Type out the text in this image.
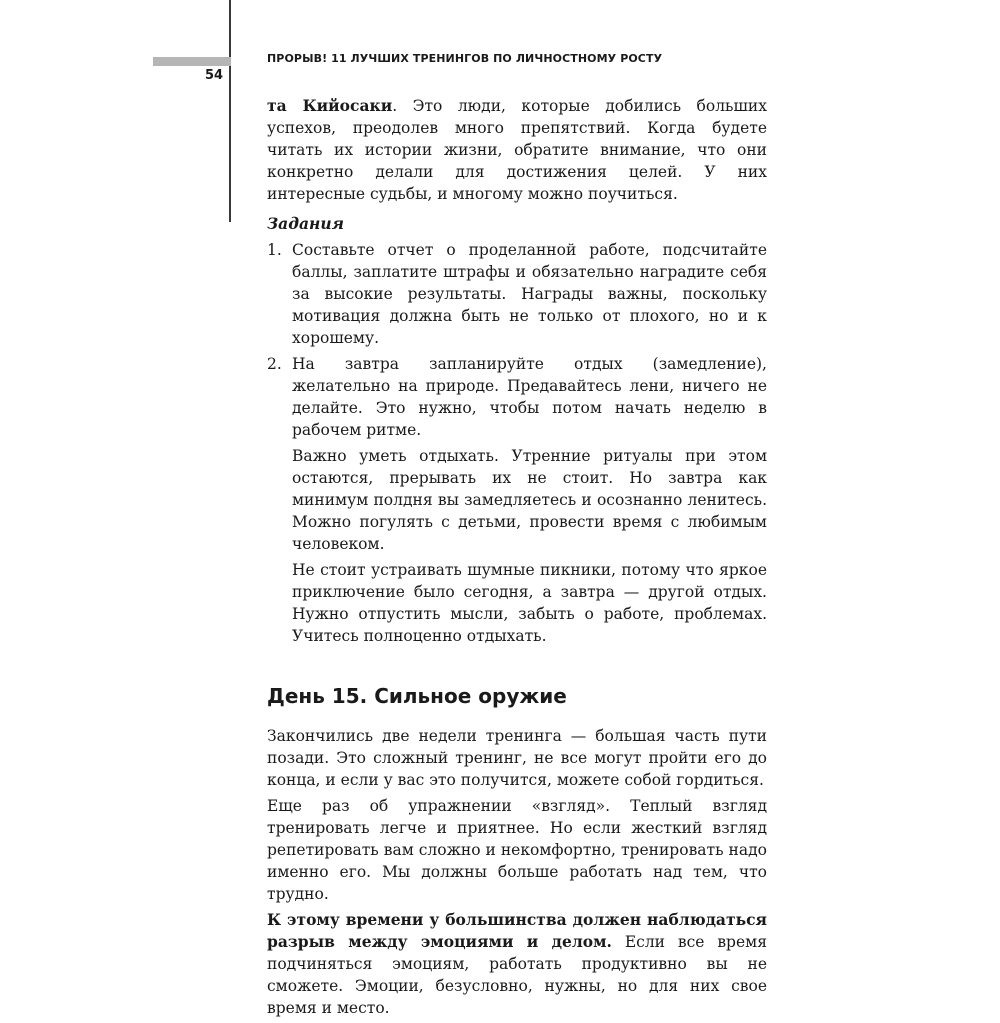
54
ПРОРЫВ! 11 ЛУЧШИХ ТРЕНИНГОВ ПО ЛИЧНОСТНОМУ РОСТУ

та Кийосаки. Это люди, которые добились больших успехов, преодолев много препятствий. Когда будете читать их истории жизни, обратите внимание, что они конкретно делали для достижения целей. У них интересные судьбы, и многому можно поучиться.

Задания
1. Составьте отчет о проделанной работе, подсчитайте баллы, заплатите штрафы и обязательно наградите себя за высокие результаты. Награды важны, поскольку мотивация должна быть не только от плохого, но и к хорошему.
2. На завтра запланируйте отдых (замедление), желательно на природе. Предавайтесь лени, ничего не делайте. Это нужно, чтобы потом начать неделю в рабочем ритме.

Важно уметь отдыхать. Утренние ритуалы при этом остаются, прерывать их не стоит. Но завтра как минимум полдня вы замедляетесь и осознанно ленитесь. Можно погулять с детьми, провести время с любимым человеком.

Не стоит устраивать шумные пикники, потому что яркое приключение было сегодня, а завтра — другой отдых. Нужно отпустить мысли, забыть о работе, проблемах. Учитесь полноценно отдыхать.

День 15. Сильное оружие

Закончились две недели тренинга — большая часть пути позади. Это сложный тренинг, не все могут пройти его до конца, и если у вас это получится, можете собой гордиться.

Еще раз об упражнении «взгляд». Теплый взгляд тренировать легче и приятнее. Но если жесткий взгляд репетировать вам сложно и некомфортно, тренировать надо именно его. Мы должны больше работать над тем, что трудно.

К этому времени у большинства должен наблюдаться разрыв между эмоциями и делом. Если все время подчиняться эмоциям, работать продуктивно вы не сможете. Эмоции, безусловно, нужны, но для них свое время и место.
